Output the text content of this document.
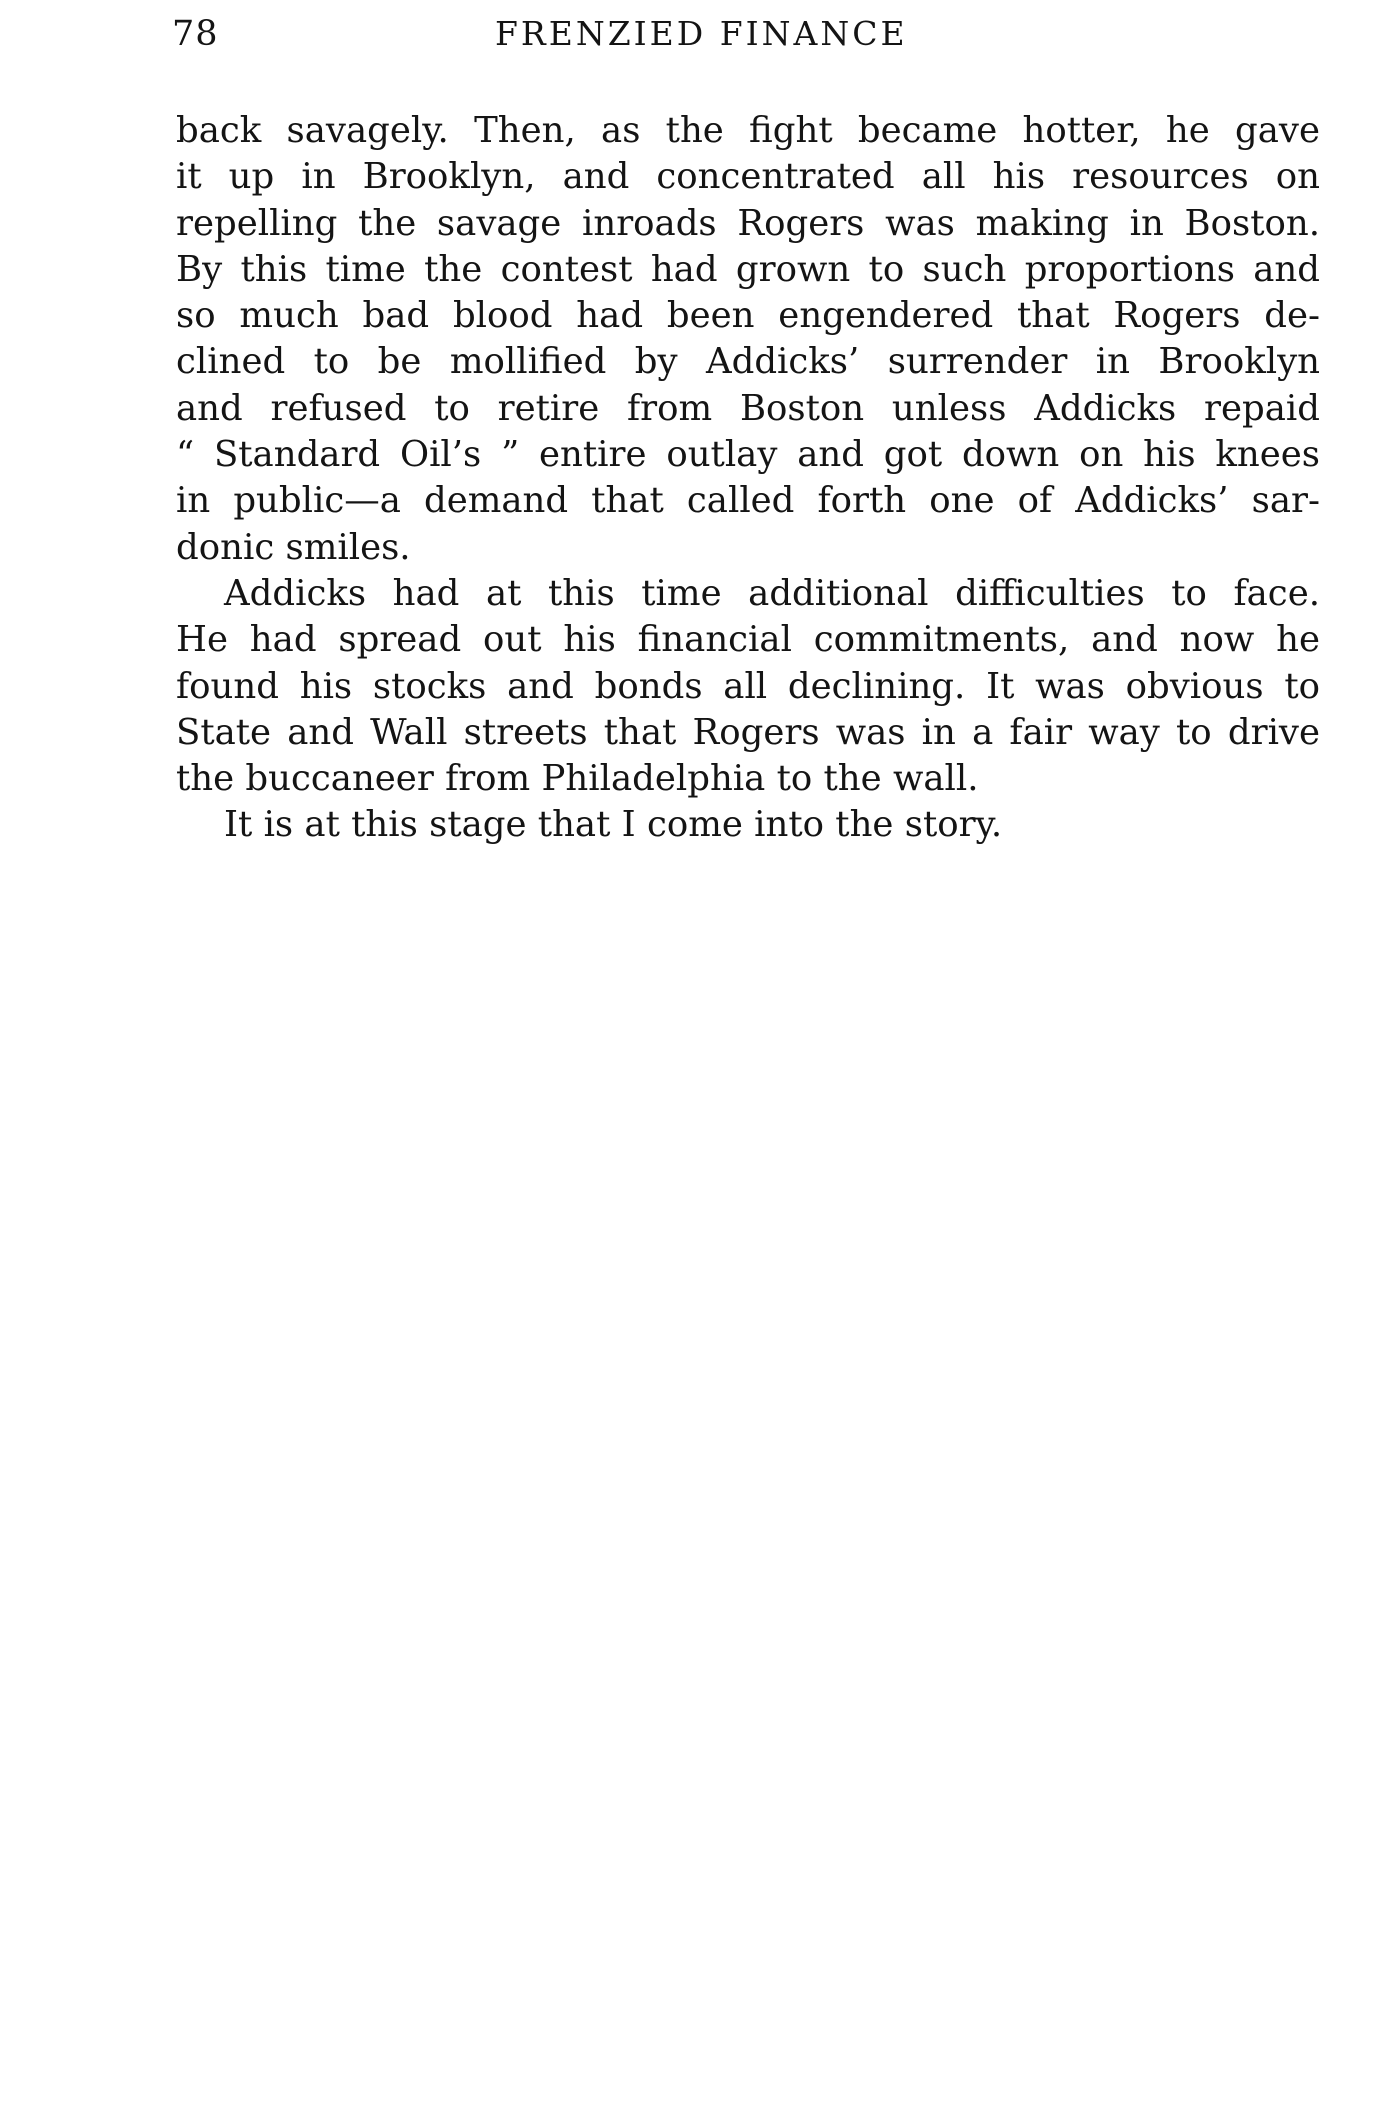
78	FRENZIED FINANCE

back savagely. Then, as the fight became hotter, he gave
it up in Brooklyn, and concentrated all his resources on
repelling the savage inroads Rogers was making in Boston.
By this time the contest had grown to such proportions and
so much bad blood had been engendered that Rogers de-
clined to be mollified by Addicks’ surrender in Brooklyn
and refused to retire from Boston unless Addicks repaid
“ Standard Oil’s ” entire outlay and got down on his knees
in public—a demand that called forth one of Addicks’ sar-
donic smiles.

Addicks had at this time additional difficulties to face.
He had spread out his financial commitments, and now he
found his stocks and bonds all declining. It was obvious to
State and Wall streets that Rogers was in a fair way to drive
the buccaneer from Philadelphia to the wall.

It is at this stage that I come into the story.
